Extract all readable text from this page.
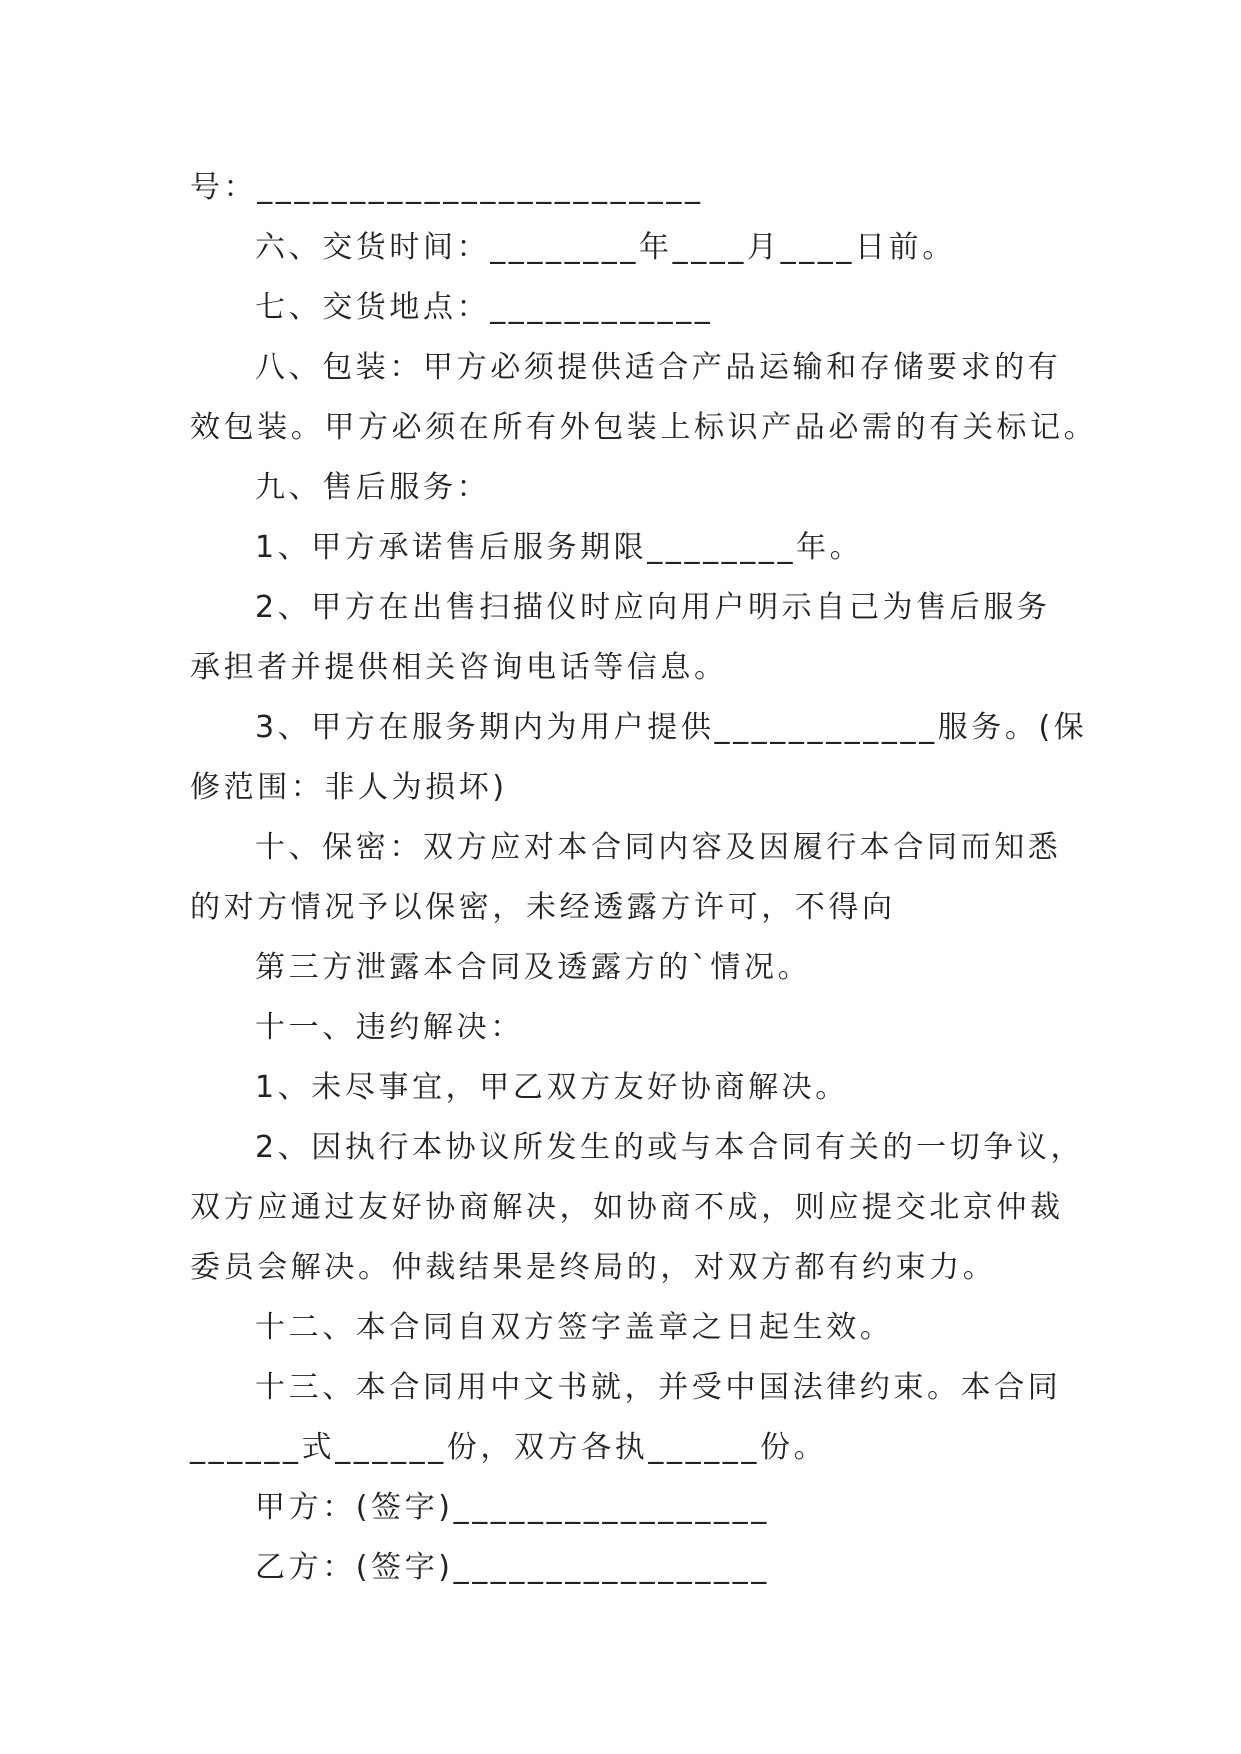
号：________________________

六、交货时间：________年____月____日前。

七、交货地点：____________

八、包装：甲方必须提供适合产品运输和存储要求的有

效包装。甲方必须在所有外包装上标识产品必需的有关标记。

九、售后服务：

1、甲方承诺售后服务期限________年。

2、甲方在出售扫描仪时应向用户明示自己为售后服务

承担者并提供相关咨询电话等信息。

3、甲方在服务期内为用户提供____________服务。(保

修范围：非人为损坏)

十、保密：双方应对本合同内容及因履行本合同而知悉

的对方情况予以保密，未经透露方许可，不得向

第三方泄露本合同及透露方的`情况。

十一、违约解决：

1、未尽事宜，甲乙双方友好协商解决。

2、因执行本协议所发生的或与本合同有关的一切争议，

双方应通过友好协商解决，如协商不成，则应提交北京仲裁

委员会解决。仲裁结果是终局的，对双方都有约束力。

十二、本合同自双方签字盖章之日起生效。

十三、本合同用中文书就，并受中国法律约束。本合同

______式______份，双方各执______份。

甲方：(签字)_________________

乙方：(签字)_________________
